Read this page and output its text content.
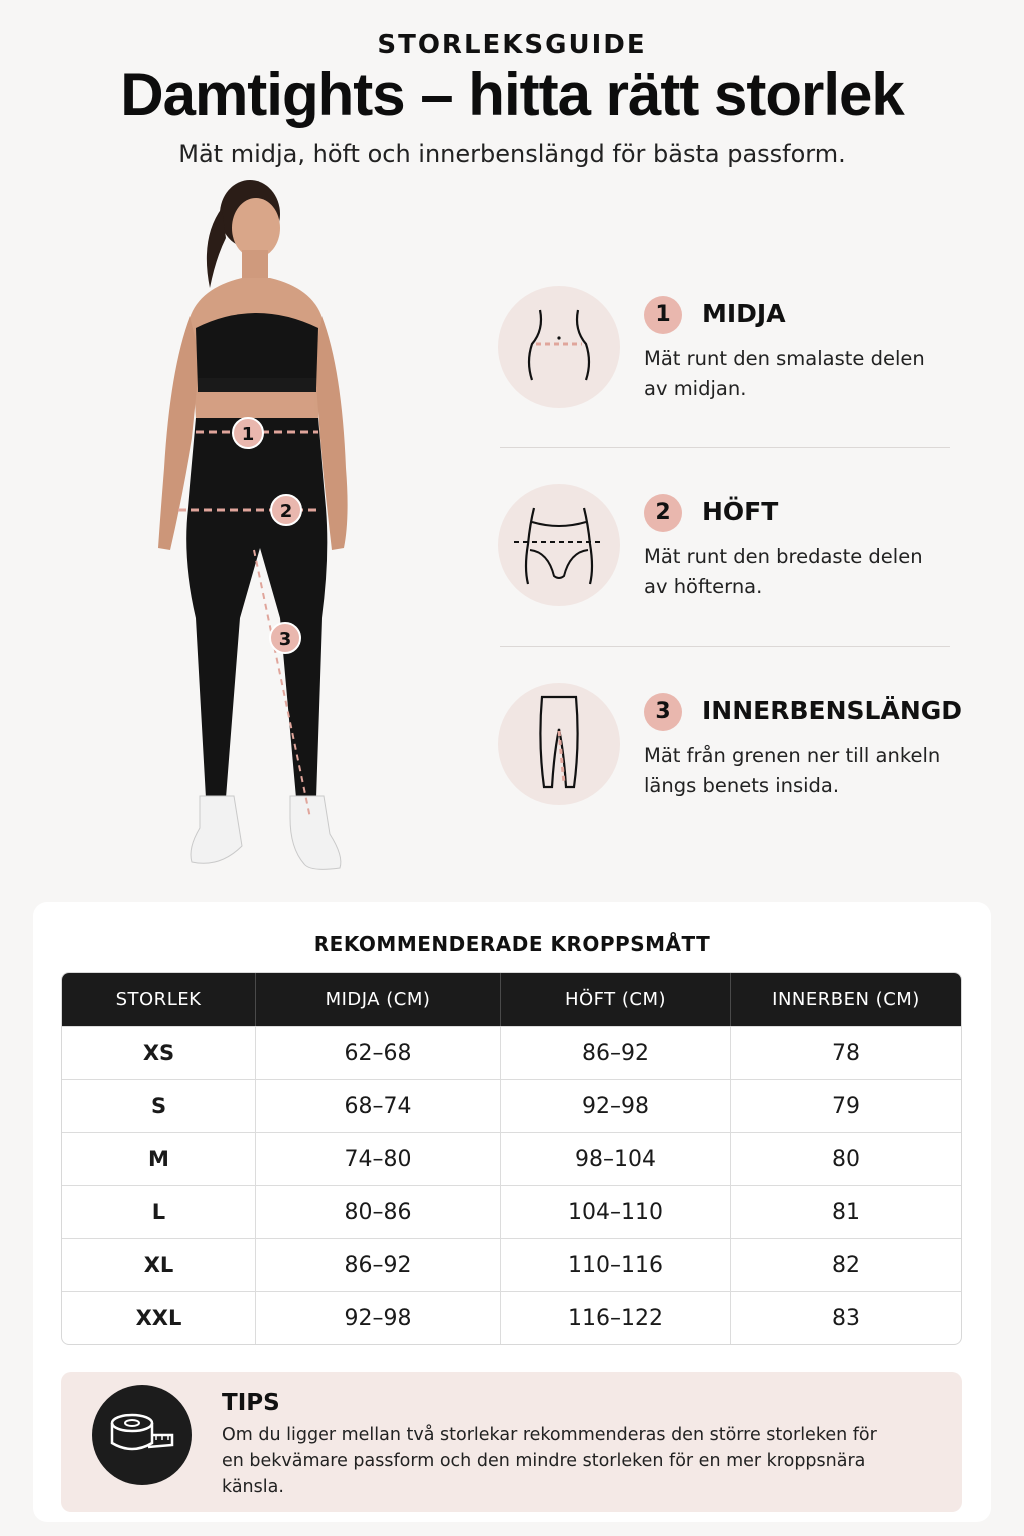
STORLEKSGUIDE
Damtights – hitta rätt storlek
Mät midja, höft och innerbenslängd för bästa passform.
1
2
3
1	MIDJA
Mät runt den smalaste delen av midjan.
2	HÖFT
Mät runt den bredaste delen av höfterna.
3	INNERBENSLÄNGD
Mät från grenen ner till ankeln längs benets insida.
REKOMMENDERADE KROPPSMÅTT
STORLEK	MIDJA (CM)	HÖFT (CM)	INNERBEN (CM)
XS	62–68	86–92	78
S	68–74	92–98	79
M	74–80	98–104	80
L	80–86	104–110	81
XL	86–92	110–116	82
XXL	92–98	116–122	83
TIPS
Om du ligger mellan två storlekar rekommenderas den större storleken för en bekvämare passform och den mindre storleken för en mer kroppsnära känsla.
